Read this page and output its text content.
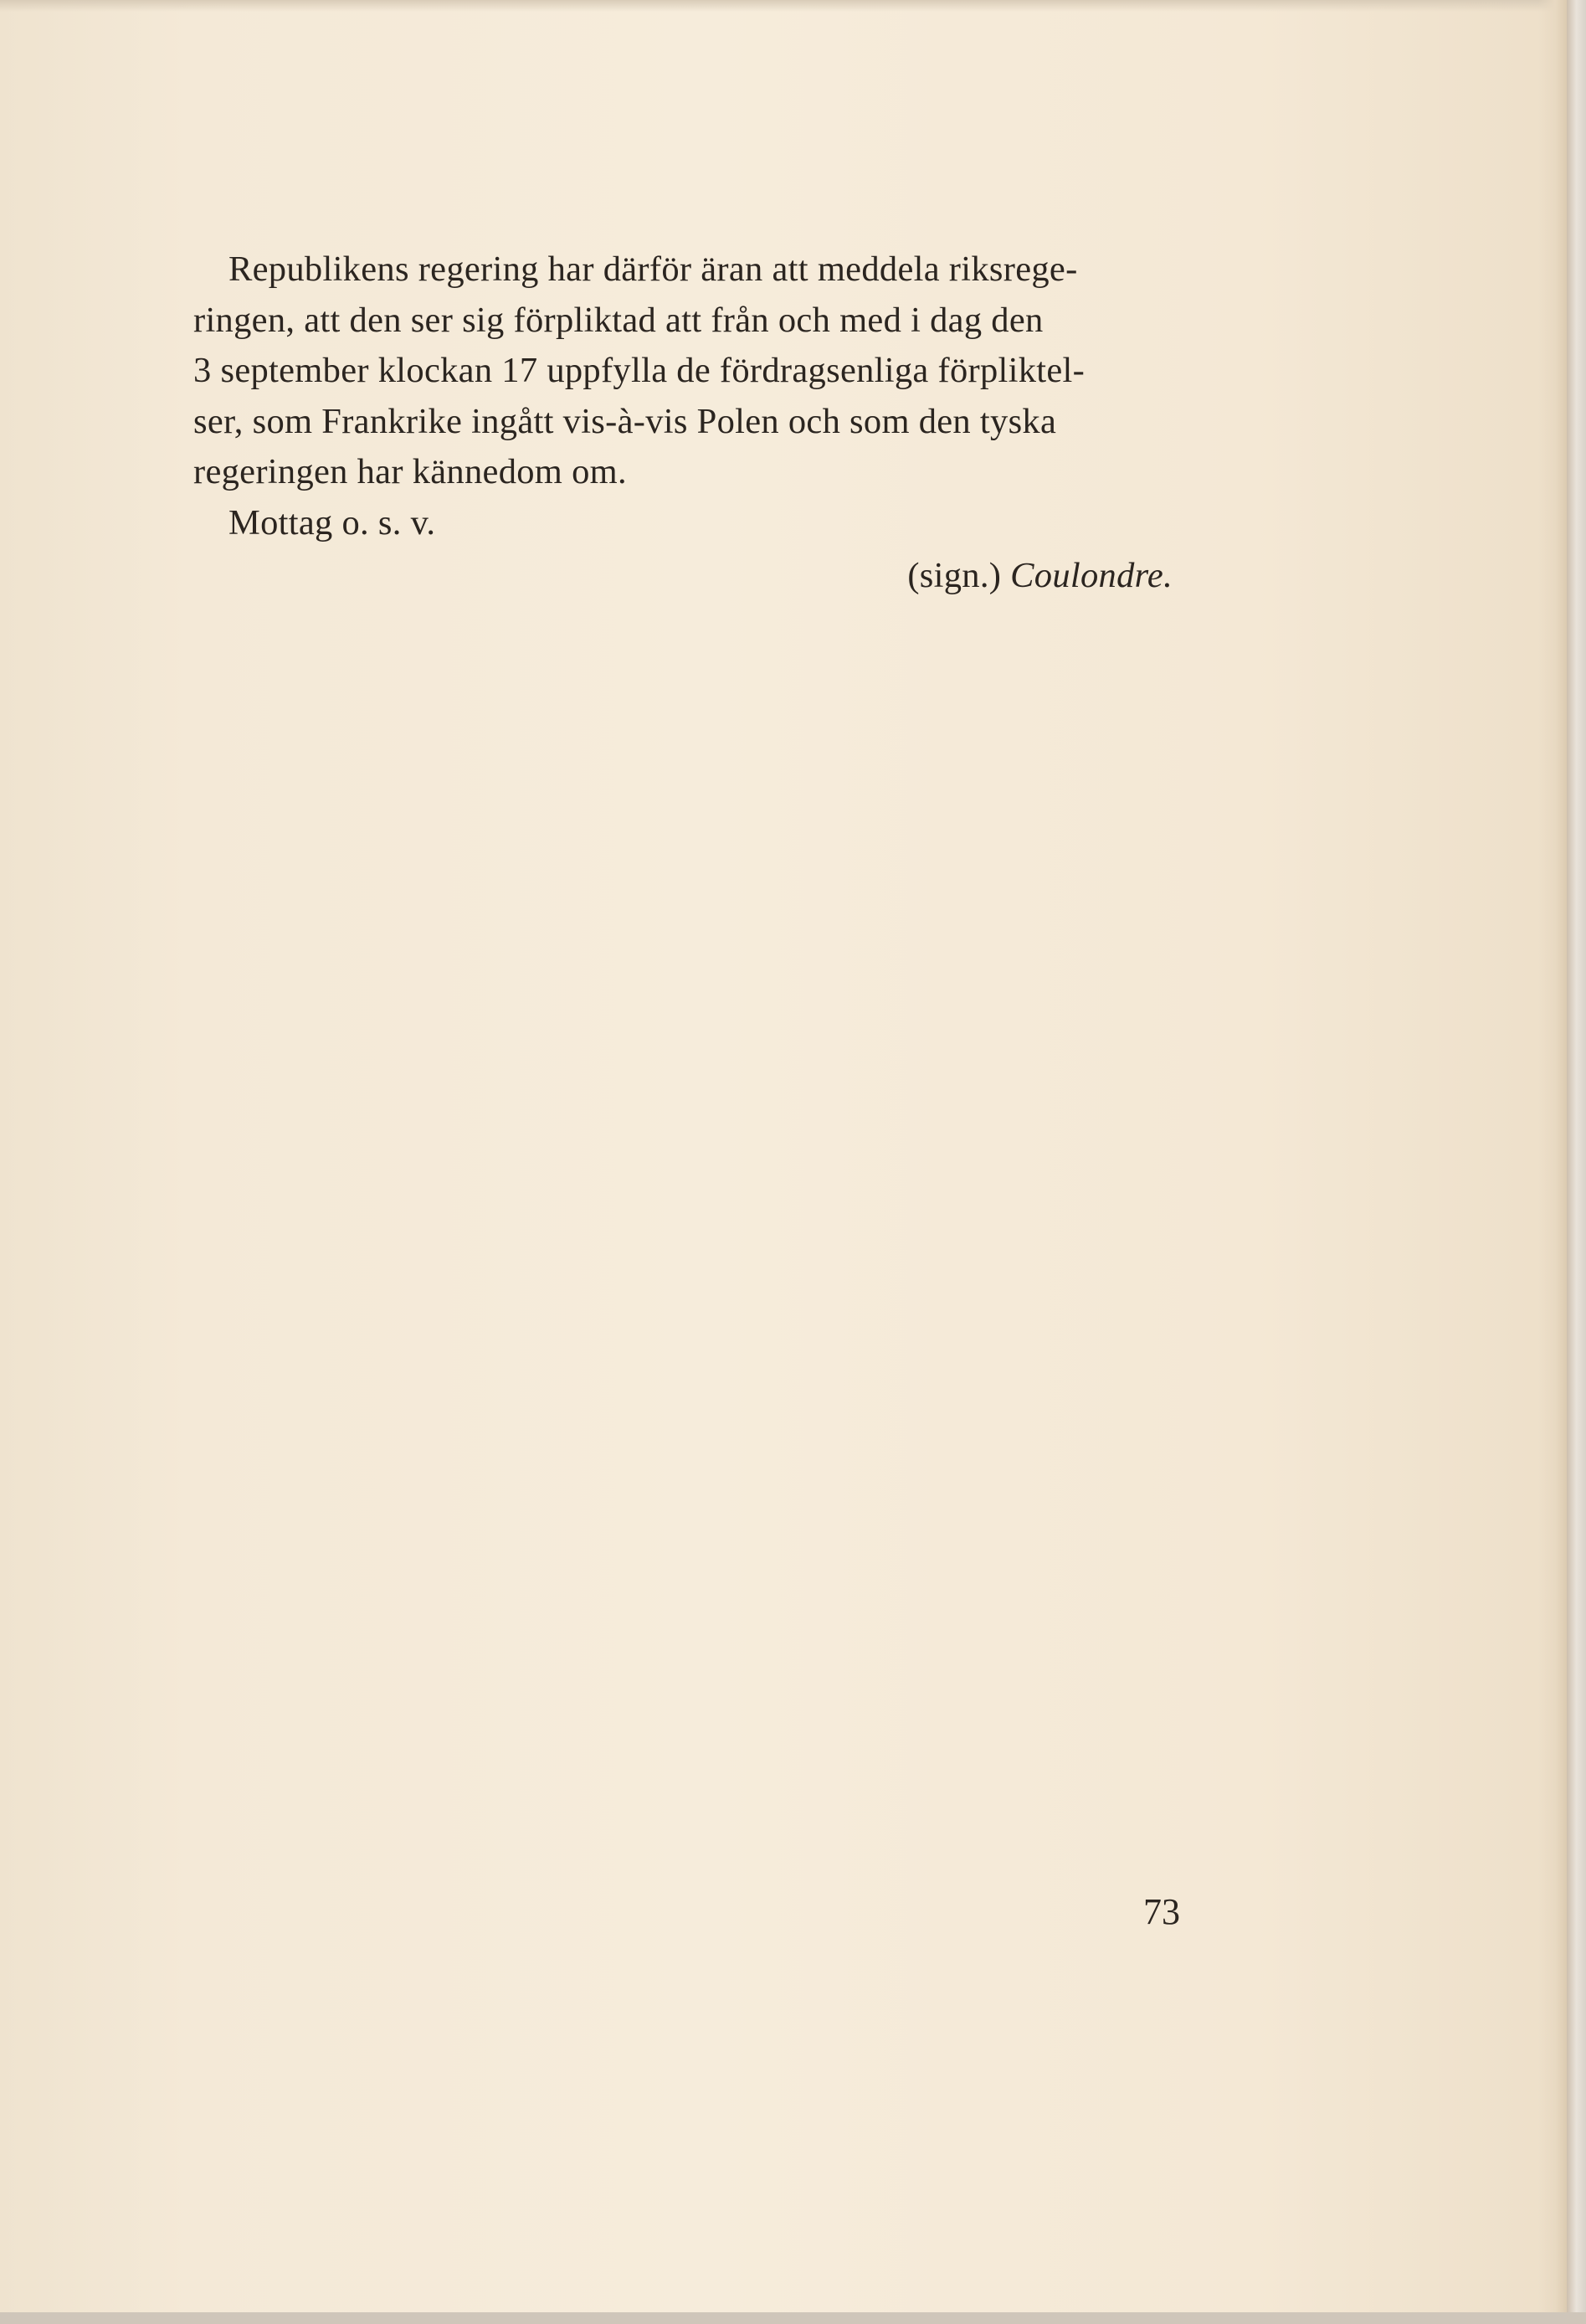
Republikens regering har därför äran att meddela riksrege-
ringen, att den ser sig förpliktad att från och med i dag den
3 september klockan 17 uppfylla de fördragsenliga förpliktel-
ser, som Frankrike ingått vis-à-vis Polen och som den tyska
regeringen har kännedom om.

Mottag o. s. v.

(sign.) Coulondre.

73
